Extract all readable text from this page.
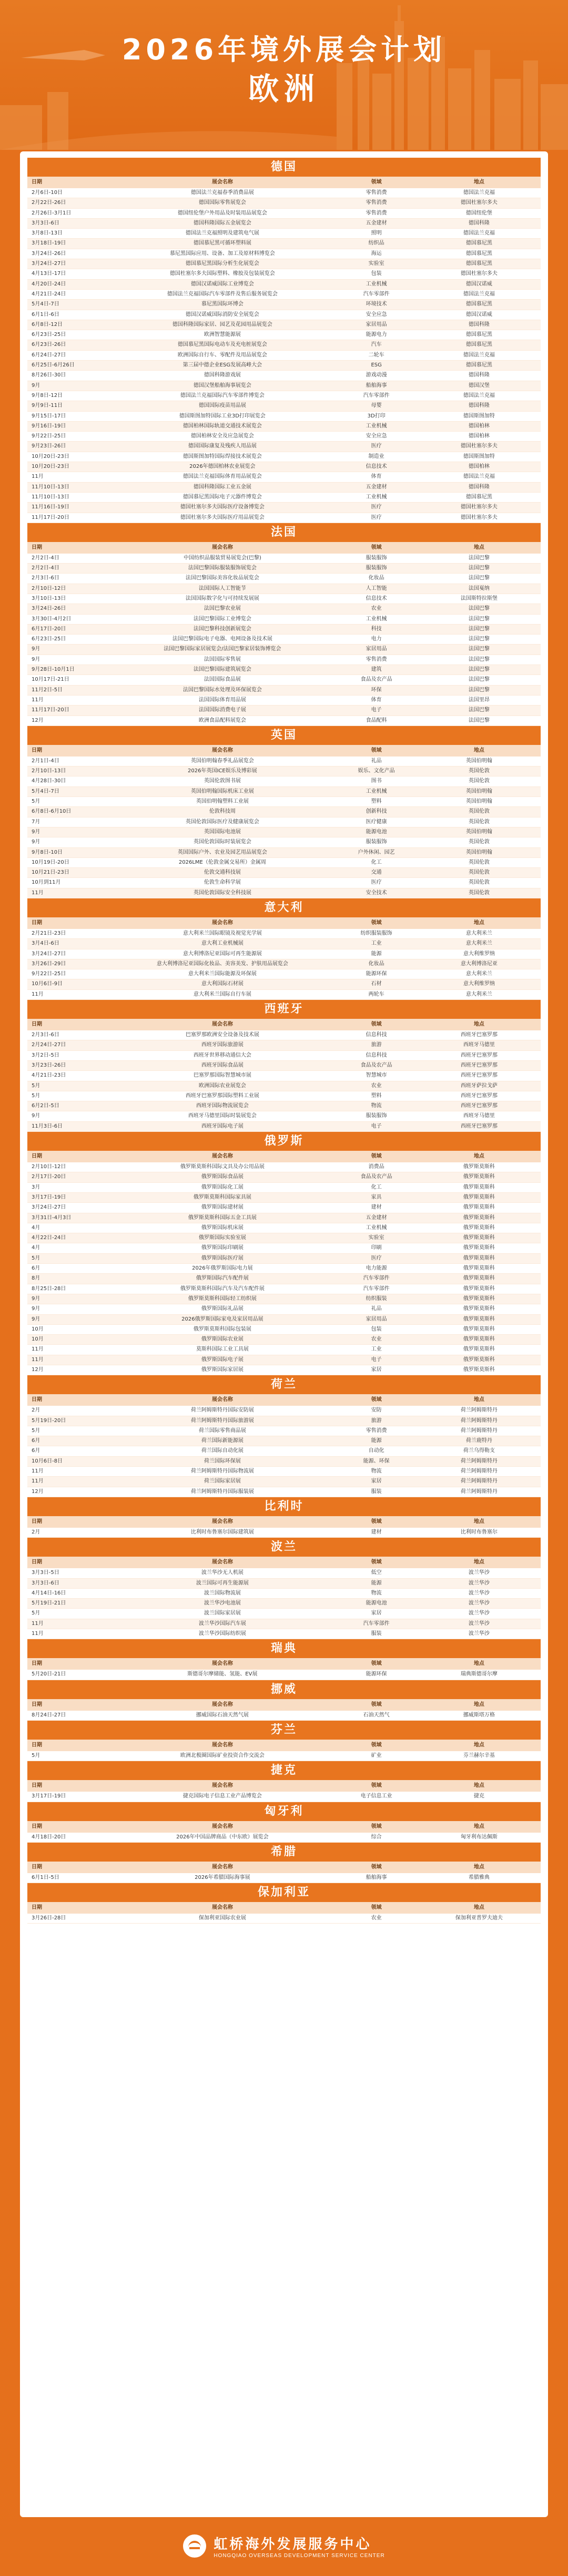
2026年境外展会计划
欧洲
德国
日期	展会名称	领域	地点
2月6日-10日	德国法兰克福春季消费品展	零售消费	德国法兰克福
2月22日-26日	德国国际零售展览会	零售消费	德国杜塞尔多夫
2月26日-3月1日	德国纽伦堡户外用品及时装用品展览会	零售消费	德国纽伦堡
3月3日-6日	德国科隆国际五金展览会	五金建材	德国科隆
3月8日-13日	德国法兰克福照明及建筑电气展	照明	德国法兰克福
3月18日-19日	德国慕尼黑可循环塑料展	纺织品	德国慕尼黑
3月24日-26日	慕尼黑国际应用、设备、加工及原材料博览会	海运	德国慕尼黑
3月24日-27日	德国慕尼黑国际分析生化展览会	实验室	德国慕尼黑
4月13日-17日	德国杜塞尔多夫国际塑料、橡胶及包装展览会	包装	德国杜塞尔多夫
4月20日-24日	德国汉诺威国际工业博览会	工业机械	德国汉诺威
4月21日-24日	德国法兰克福国际汽车零部件及售后服务展览会	汽车零部件	德国法兰克福
5月4日-7日	慕尼黑国际环博会	环境技术	德国慕尼黑
6月1日-6日	德国汉诺威国际消防安全展览会	安全应急	德国汉诺威
6月8日-12日	德国科隆国际家居、园艺及花园用品展览会	家居用品	德国科隆
6月23日-25日	欧洲智慧能源展	能源电力	德国慕尼黑
6月23日-26日	德国慕尼黑国际电动车及充电桩展览会	汽车	德国慕尼黑
6月24日-27日	欧洲国际自行车、零配件及用品展览会	二轮车	德国法兰克福
6月25日-6月26日	第三届中德企业ESG发展高峰大会	ESG	德国慕尼黑
8月26日-30日	德国科隆游戏展	游戏动漫	德国科隆
9月	德国汉堡船舶海事展览会	船舶海事	德国汉堡
9月8日-12日	德国法兰克福国际汽车零部件博览会	汽车零部件	德国法兰克福
9月9日-11日	德国国际疫苗用品展	母婴	德国科隆
9月15日-17日	德国斯图加特国际工业3D打印展览会	3D打印	德国斯图加特
9月16日-19日	德国柏林国际轨道交通技术展览会	工业机械	德国柏林
9月22日-25日	德国柏林安全及应急展览会	安全应急	德国柏林
9月23日-26日	德国国际康复及残疾人用品展	医疗	德国杜塞尔多夫
10月20日-23日	德国斯图加特国际焊接技术展览会	制造业	德国斯图加特
10月20日-23日	2026年德国柏林农业展览会	信息技术	德国柏林
11月	德国法兰克福国际体育用品展览会	体育	德国法兰克福
11月10日-13日	德国科隆国际工业五金展	五金建材	德国科隆
11月10日-13日	德国慕尼黑国际电子元器件博览会	工业机械	德国慕尼黑
11月16日-19日	德国杜塞尔多夫国际医疗设备博览会	医疗	德国杜塞尔多夫
11月17日-20日	德国杜塞尔多夫国际医疗用品展览会	医疗	德国杜塞尔多夫
法国
日期	展会名称	领域	地点
2月2日-4日	中国纺织品服装贸易展览会(巴黎)	服装服饰	法国巴黎
2月2日-4日	法国巴黎国际服装服饰展览会	服装服饰	法国巴黎
2月3日-6日	法国巴黎国际美容化妆品展览会	化妆品	法国巴黎
2月10日-12日	法国国际人工智能节	人工智能	法国戛纳
3月10日-13日	法国国际数字化与可持续发展展	信息技术	法国斯特拉斯堡
3月24日-26日	法国巴黎农业展	农业	法国巴黎
3月30日-4月2日	法国巴黎国际工业博览会	工业机械	法国巴黎
6月17日-20日	法国巴黎科技创新展览会	科技	法国巴黎
6月23日-25日	法国巴黎国际电子电器、电网设备及技术展	电力	法国巴黎
9月	法国巴黎国际家居展览会/法国巴黎家居装饰博览会	家居用品	法国巴黎
9月	法国国际零售展	零售消费	法国巴黎
9月28日-10月1日	法国巴黎国际建筑展览会	建筑	法国巴黎
10月17日-21日	法国国际食品展	食品及农产品	法国巴黎
11月2日-5日	法国巴黎国际水处理及环保展览会	环保	法国巴黎
11月	法国国际体育用品展	体育	法国里昂
11月17日-20日	法国国际消费电子展	电子	法国巴黎
12月	欧洲食品配料展览会	食品配料	法国巴黎
英国
日期	展会名称	领域	地点
2月1日-4日	英国伯明翰春季礼品展览会	礼品	英国伯明翰
2月10日-13日	2026年英国ICE娱乐及博彩展	娱乐、文化产品	英国伦敦
4月28日-30日	英国伦敦图书展	图书	英国伦敦
5月4日-7日	英国伯明翰国际机床工业展	工业机械	英国伯明翰
5月	英国伯明翰塑料工业展	塑料	英国伯明翰
6月8日-6月10日	伦敦科技周	创新科技	英国伦敦
7月	英国伦敦国际医疗及健康展览会	医疗健康	英国伦敦
9月	英国国际电池展	能源电池	英国伯明翰
9月	英国伦敦国际时装展览会	服装服饰	英国伦敦
9月8日-10日	英国国际户外、农业及园艺用品展览会	户外休闲、园艺	英国伯明翰
10月19日-20日	2026LME（伦敦金属交易所）金属周	化工	英国伦敦
10月21日-23日	伦敦交通科技展	交通	英国伦敦
10月到11月	伦敦生命科学展	医疗	英国伦敦
11月	英国伦敦国际安全科技展	安全技术	英国伦敦
意大利
日期	展会名称	领域	地点
2月21日-23日	意大利米兰国际眼镜及视觉光学展	纺织服装服饰	意大利米兰
3月4日-6日	意大利工业机械展	工业	意大利米兰
3月24日-27日	意大利博洛尼亚国际可再生能源展	能源	意大利维罗纳
3月26日-29日	意大利博洛尼亚国际化妆品、美容美发、护肤用品展览会	化妆品	意大利博洛尼亚
9月22日-25日	意大利米兰国际能源及环保展	能源环保	意大利米兰
10月6日-9日	意大利国际石材展	石材	意大利维罗纳
11月	意大利米兰国际自行车展	两轮车	意大利米兰
西班牙
日期	展会名称	领域	地点
2月3日-6日	巴塞罗那欧洲安全设备及技术展	信息科技	西班牙巴塞罗那
2月24日-27日	西班牙国际旅游展	旅游	西班牙马德里
3月2日-5日	西班牙世界移动通信大会	信息科技	西班牙巴塞罗那
3月23日-26日	西班牙国际食品展	食品及农产品	西班牙巴塞罗那
4月21日-23日	巴塞罗那国际智慧城市展	智慧城市	西班牙巴塞罗那
5月	欧洲国际农业展览会	农业	西班牙萨拉戈萨
5月	西班牙巴塞罗那国际塑料工业展	塑料	西班牙巴塞罗那
6月2日-5日	西班牙国际物流展览会	物流	西班牙巴塞罗那
9月	西班牙马德里国际时装展览会	服装服饰	西班牙马德里
11月3日-6日	西班牙国际电子展	电子	西班牙巴塞罗那
俄罗斯
日期	展会名称	领域	地点
2月10日-12日	俄罗斯莫斯科国际文具及办公用品展	消费品	俄罗斯莫斯科
2月17日-20日	俄罗斯国际食品展	食品及农产品	俄罗斯莫斯科
3月	俄罗斯国际化工展	化工	俄罗斯莫斯科
3月17日-19日	俄罗斯莫斯科国际家具展	家具	俄罗斯莫斯科
3月24日-27日	俄罗斯国际建材展	建材	俄罗斯莫斯科
3月31日-4月3日	俄罗斯莫斯科国际五金工具展	五金建材	俄罗斯莫斯科
4月	俄罗斯国际机床展	工业机械	俄罗斯莫斯科
4月22日-24日	俄罗斯国际实验室展	实验室	俄罗斯莫斯科
4月	俄罗斯国际印刷展	印刷	俄罗斯莫斯科
5月	俄罗斯国际医疗展	医疗	俄罗斯莫斯科
6月	2026年俄罗斯国际电力展	电力能源	俄罗斯莫斯科
8月	俄罗斯国际汽车配件展	汽车零部件	俄罗斯莫斯科
8月25日-28日	俄罗斯莫斯科国际汽车及汽车配件展	汽车零部件	俄罗斯莫斯科
9月	俄罗斯莫斯科国际轻工纺织展	纺织服装	俄罗斯莫斯科
9月	俄罗斯国际礼品展	礼品	俄罗斯莫斯科
9月	2026俄罗斯国际家电及家居用品展	家居用品	俄罗斯莫斯科
10月	俄罗斯莫斯科国际包装展	包装	俄罗斯莫斯科
10月	俄罗斯国际农业展	农业	俄罗斯莫斯科
11月	莫斯科国际工业工具展	工业	俄罗斯莫斯科
11月	俄罗斯国际电子展	电子	俄罗斯莫斯科
12月	俄罗斯国际家居展	家居	俄罗斯莫斯科
荷兰
日期	展会名称	领域	地点
2月	荷兰阿姆斯特丹国际安防展	安防	荷兰阿姆斯特丹
5月19日-20日	荷兰阿姆斯特丹国际旅游展	旅游	荷兰阿姆斯特丹
5月	荷兰国际零售商品展	零售消费	荷兰阿姆斯特丹
6月	荷兰国际新能源展	能源	荷兰鹿特丹
6月	荷兰国际自动化展	自动化	荷兰乌得勒支
10月6日-8日	荷兰国际环保展	能源、环保	荷兰阿姆斯特丹
11月	荷兰阿姆斯特丹国际物流展	物流	荷兰阿姆斯特丹
11月	荷兰国际家居展	家居	荷兰阿姆斯特丹
12月	荷兰阿姆斯特丹国际服装展	服装	荷兰阿姆斯特丹
比利时
日期	展会名称	领域	地点
2月	比利时布鲁塞尔国际建筑展	建材	比利时布鲁塞尔
波兰
日期	展会名称	领域	地点
3月3日-5日	波兰华沙无人机展	低空	波兰华沙
3月3日-6日	波兰国际可再生能源展	能源	波兰华沙
4月14日-16日	波兰国际物流展	物流	波兰华沙
5月19日-21日	波兰华沙电池展	能源电池	波兰华沙
5月	波兰国际家居展	家居	波兰华沙
11月	波兰华沙国际汽车展	汽车零部件	波兰华沙
11月	波兰华沙国际纺织展	服装	波兰华沙
瑞典
日期	展会名称	领域	地点
5月20日-21日	斯德哥尔摩储能、氢能、EV展	能源环保	瑞典斯德哥尔摩
挪威
日期	展会名称	领域	地点
8月24日-27日	挪威国际石油天然气展	石油天然气	挪威斯塔万格
芬兰
日期	展会名称	领域	地点
5月	欧洲北极圈国际矿业投资合作交流会	矿业	芬兰赫尔辛基
捷克
日期	展会名称	领域	地点
3月17日-19日	捷克国际电子信息工业产品博览会	电子信息工业	捷克
匈牙利
日期	展会名称	领域	地点
4月18日-20日	2026年中国品牌商品（中东欧）展览会	综合	匈牙利布达佩斯
希腊
日期	展会名称	领域	地点
6月1日-5日	2026年希腊国际海事展	船舶海事	希腊雅典
保加利亚
日期	展会名称	领域	地点
3月26日-28日	保加利亚国际农业展	农业	保加利亚普罗夫迪夫
虹桥海外发展服务中心
HONGQIAO OVERSEAS DEVELOPMENT SERVICE CENTER
